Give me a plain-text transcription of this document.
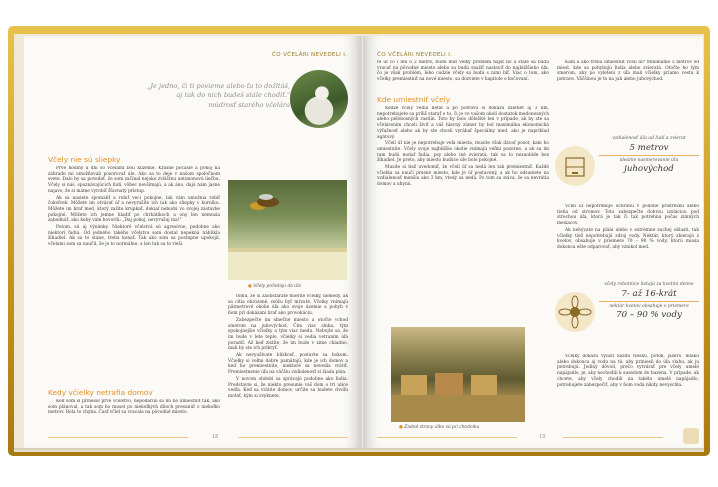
ČO VČELÁRI NEVEDELI I.
„Je jedno, či ti povieme alebo ťa to dožltáš,
aj tak do nich budeš stále chodiť."
múdrosť starého včelára
Včely nie sú sliepky

Prvé hodiny a dni so včelami boli kúzelné. Krásne počasie a pokoj na záhrade mi umožňovali pozorovať úle. Ako sa to deje v našom spoločnom svete. Dalo by sa povedať, že som začínal nejako zvláštnu antimonovú liečbu. Včely si nás, spoznávajúcich ľudí, vôbec nevšímajú, a ak áno, dajú nám jasne najavo, že si máme vyrobiť šťavnatý prístup.

Ak sa nasiete spomaliť a robiť veci pokojne, tak vám umožnia robiť čokoľvek. Môžete im otvárať úľ a nevyrušíte ich tak ako sliepky v kurníku. Môžete im brať med, ktorý zažíte krupkať, dokiaľ nebudú vo svojej zástavbe pokojné. Môžete ich jemne hladiť po chrbátikoch a ony len nemusia zabodnúť, ako keby vám hovorili: „Daj pokoj, nevyrušuj ma!"

Potom, sú aj výnimky. Niektoré včelstvá sú agresívne, podobne ako niektorí ľudia. Od jedného takého včelstva som dostal nepekná náhlikla žihadiel. Ak sa to stane, treba konať. Tak ako som sa postupne upokojil, včelami som sa naučil, že je to normálne, a len tak sa to rieši.

Kedy včielky netrafia domov

Keď som si prinesol prvé včelstvo, nepodarilo sa mi ho umiestniť tak, ako som plánoval, a tak som ho musel po niekoľkých dňoch presunúť o niekoľko metrov. Bola to chyba. Časť včiel sa vracala na pôvodné miesto.

● Včely prilietajú do úľa

tomu, že si zaobstaráte mierne včelky, niekedy, ak sa cítia ohrozené, môžu byť mrzuté. Včelky vnímajú pätmetrové okolie úľa ako svoje územie a pohyb v ňom pri dokázaní brať ako provokáciu.

Zabezpečte im slnečné miesto a otočte vchod smerom na juhovýchod. Čím viac slnka, tým spokojnejšie včielky a tým viac medu. Nebojte sa, že im bude v lete teplo, včielky si vedia vetraním úľa poradiť. Až keď zistíte, že im bude v zime chladno, mali by ste ich prikryť.

Ak nevyužívate blízkosť, postavte sa bokom. Včielky si veľmi dobre pamätajú, kde je ich domov a keď ho premiestnite, niektoré sa nevedia vrátiť. Premiestnenie úľa na väčšiu vzdialenosť si žiada plán.

V novom období sa správajú podobne ako ľudia. Predstavte si, že niekto presunie váš dom o tri ulice vedľa. Keď sa vrátite domov, určite sa budete chvíľu motať, kým si zvyknete.

18
ČO VČELÁRI NEVEDELI I.

te úľ čo i len o 2 metre, budú mať veľký problém nájsť ho a stále sa budú vracať na pôvodné miesto alebo sa budú snažiť nastaviť do najbližšieho úľa, čo je však problém, lebo cudzie včely sa budú s nimi biť. Viac o tom, ako včelky premiestniť na nové miesto, sa dozviete v kapitole o kočovaní.

Kde umiestniť včely

Kedže včely vedia lietať a po potravu si dokážu zaletieť aj 3 km, nepotrebujete sa príliš starať o to, či je vo vašom okolí dostatok medonosných alebo peľonosných rastlín. Toto by bolo dôležité len v prípade, ak by ste sa včelárením chceli živiť a váš hlavný zámer by bol maximálna ekonomická výťažnosť alebo ak by ste chceli vyrábať špeciálny med, ako je napríklad agátový.

Včelí úľ nie je nepotrebuje veľa miesta, musíte však dávať pozor, kam ho umiestníte. Včely svoje najbližšie okolie vnímajú veľmi pozorne, a ak sa im tam budú motať ľudia, psy alebo iné zvieratá, tak sa to nezaobíde bez žihadiel. Je preto, aby miesto budúce úle bolo pokojné.

Musíte si tiež uvedomiť, že včelí úľ sa nedá len tak premiestniť. Každé včielka sa naučí presné miesto, kde je úľ postavený, a ak ho odsuniete na vzdialenosť menšiu ako 3 km, vtedy sa nedá. Po tom sa stáva, že sa nevrátia domov a uhynú.

● Zadné strany úľov sú pri chodníku

Kam a ako treba umiestniť včelí úľ? Minimálne 5 metrov od miest, kde sa pohybujú ľudia alebo zvieratá. Otočte ho tým smerom, aby po vyletení z úľa mali včielky priamo cestu k potrave. Väčšinou je to na juh alebo juhovýchod.

vzdialenosť úľa od ľudí a zvierat
5 metrov
ideálne nasmerovanie úľa
juhovýchod

Včelí úľ nepotrebuje ochranu v podobe prístrešku alebo tieňa od stromov. Toto zabezpečte dobrou izoláciou pod strechou úľa, ktorá je tak či tak potrebná počas zimných mesiacov.

Ak nebývate na pláni alebo v extrémne suchej oblasti, tak včielky tiež nepotrebujú zdroj vody. Nektár, ktorý zbierajú z kvetov, obsahuje v priemere 70 – 90 % vody, ktorú musia dokonca ešte odparovať, aby vznikol med.

včely robotnice lietajú za kvetmi denne
7- až 16-krát
nektár kvetov obsahuje v priemere
70 – 90 % vody

Včelky dokážu využiť každú riešku, potok, jazero, mláku alebo dokonca aj vodu na tú, aby priniesli do úľa vlahu, ak ju potrebujú. Jediný dôvod, prečo vytvárať pre včely umelé napájadlo, je, aby nechodili k susedom do bazéna. V prípade, ak chcete, aby včely chodili na takéto umelé napájadlo, potrebujete zabezpečiť, aby v ňom voda nikdy nevyschla.

19
